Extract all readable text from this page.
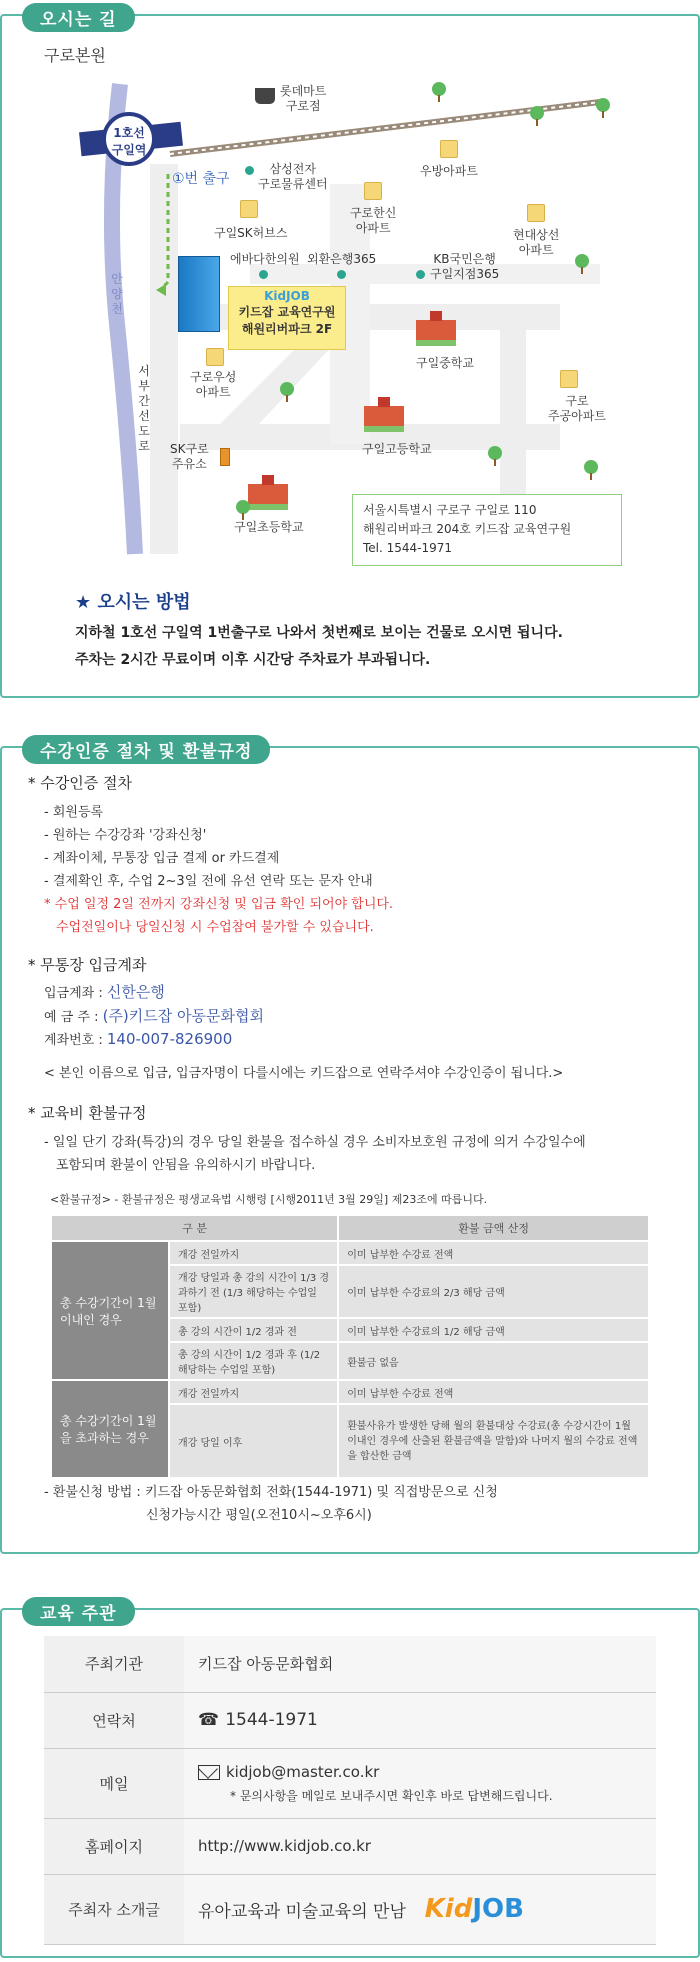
오시는 길
구로본원
1호선
구일역
①번 출구
안양천
서부간선도로
롯데마트
구로점
삼성전자
구로물류센터
우방아파트
구일SK허브스
구로한신
아파트	현대상선
아파트
에바다한의원 외환은행365	KB국민은행
구일지점365
KidJOB
키드잡 교육연구원
해원리버파크 2F
구일중학교
구로우성
아파트
구로
주공아파트
구일고등학교
SK구로
주유소
구일초등학교
서울시특별시 구로구 구일로 110
해원리버파크 204호 키드잡 교육연구원
Tel. 1544-1971
★ 오시는 방법
지하철 1호선 구일역 1번출구로 나와서 첫번째로 보이는 건물로 오시면 됩니다.
주차는 2시간 무료이며 이후 시간당 주차료가 부과됩니다.
수강인증 절차 및 환불규정
* 수강인증 절차
- 회원등록
- 원하는 수강강좌 '강좌신청'
- 계좌이체, 무통장 입금 결제 or 카드결제
- 결제확인 후, 수업 2~3일 전에 유선 연락 또는 문자 안내
* 수업 일정 2일 전까지 강좌신청 및 입금 확인 되어야 합니다.
수업전일이나 당일신청 시 수업참여 불가할 수 있습니다.
* 무통장 입금계좌
입금계좌 : 신한은행
예 금 주 : (주)키드잡 아동문화협회
계좌번호 : 140-007-826900
< 본인 이름으로 입금, 입금자명이 다를시에는 키드잡으로 연락주셔야 수강인증이 됩니다.>
* 교육비 환불규정
- 일일 단기 강좌(특강)의 경우 당일 환불을 접수하실 경우 소비자보호원 규정에 의거 수강일수에
포함되며 환불이 안됨을 유의하시기 바랍니다.
<환불규정> - 환불규정은 평생교육법 시행령 [시행2011년 3월 29일] 제23조에 따릅니다.
구 분		환불 금액 산정
총 수강기간이 1월 이내인 경우	개강 전일까지	이미 납부한 수강료 전액
	개강 당일과 총 강의 시간이 1/3 경과하기 전 (1/3 해당하는 수업일 포함)	이미 납부한 수강료의 2/3 해당 금액
	총 강의 시간이 1/2 경과 전	이미 납부한 수강료의 1/2 해당 금액
	총 강의 시간이 1/2 경과 후 (1/2 해당하는 수업일 포함)	환불금 없음
총 수강기간이 1월을 초과하는 경우	개강 전일까지	이미 납부한 수강료 전액
	개강 당일 이후	환불사유가 발생한 당해 월의 환불대상 수강료(총 수강시간이 1월 이내인 경우에 산출된 환불금액을 말함)와 나머지 월의 수강료 전액을 합산한 금액
- 환불신청 방법 : 키드잡 아동문화협회 전화(1544-1971) 및 직접방문으로 신청
신청가능시간 평일(오전10시~오후6시)
교육 주관
주최기관	키드잡 아동문화협회
연락처	☎ 1544-1971
메일	kidjob@master.co.kr
* 문의사항을 메일로 보내주시면 확인후 바로 답변해드립니다.

홈페이지	http://www.kidjob.co.kr
주최자 소개글	유아교육과 미술교육의 만남 KidJOB
